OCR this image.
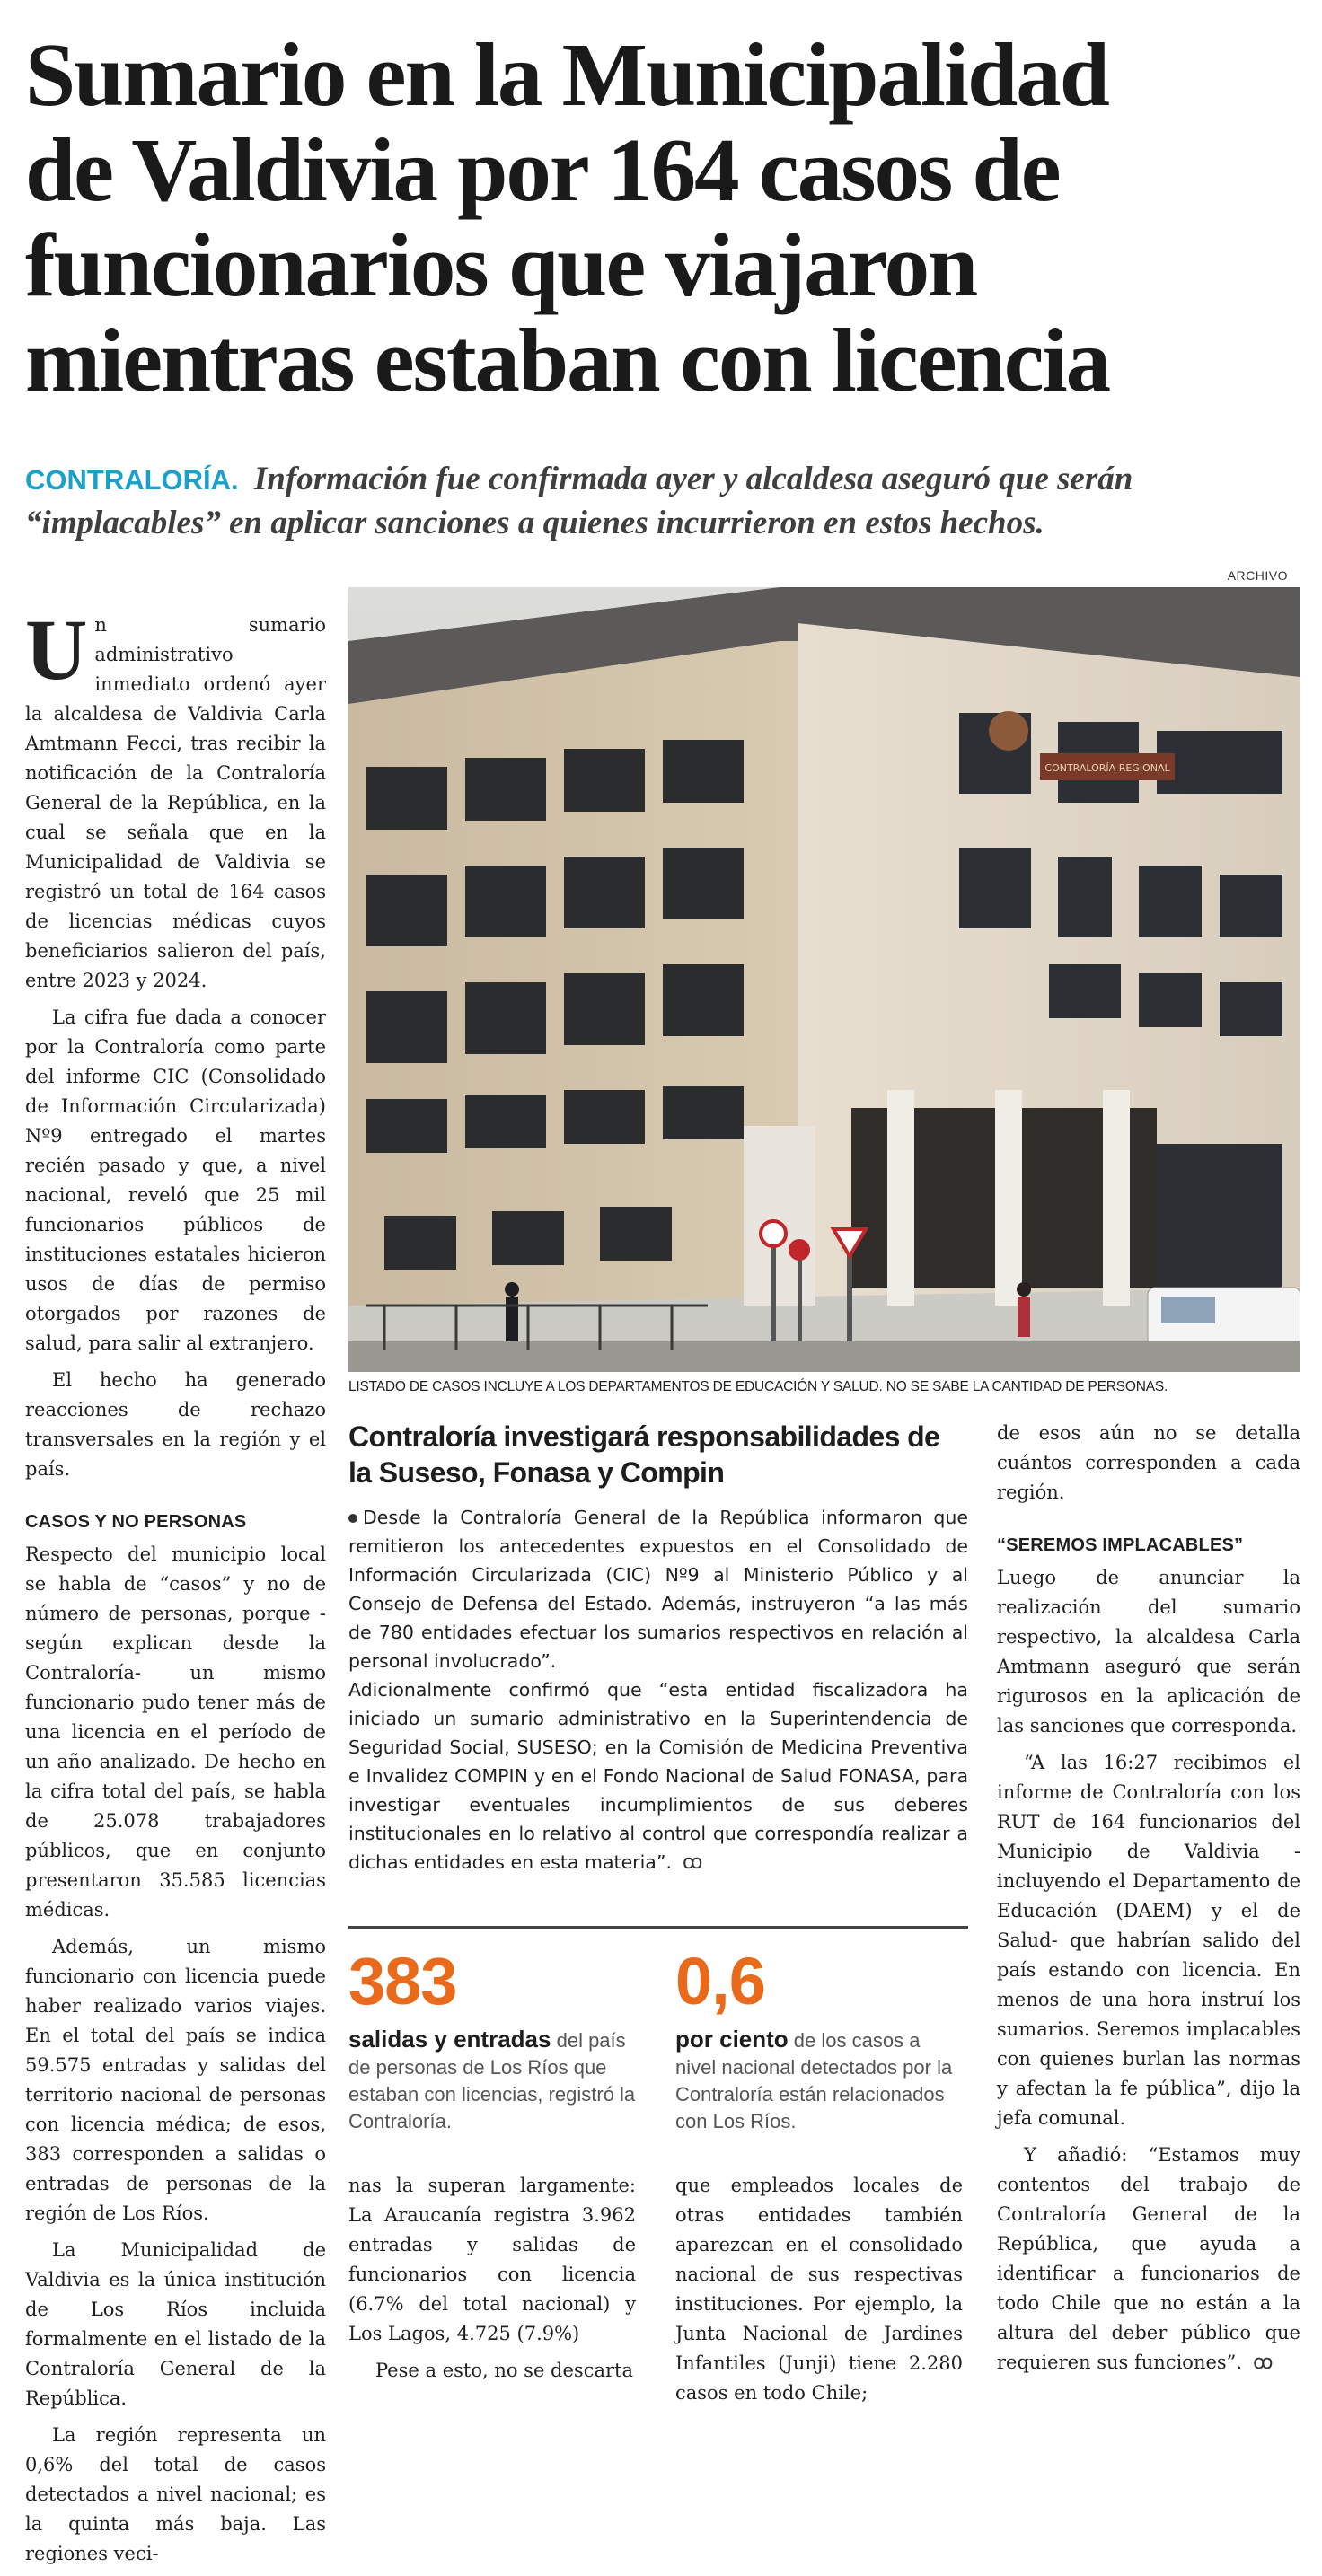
Sumario en la Municipalidad
de Valdivia por 164 casos de
funcionarios que viajaron
mientras estaban con licencia
CONTRALORÍA. Información fue confirmada ayer y alcaldesa aseguró que serán “implacables” en aplicar sanciones a quienes incurrieron en estos hechos.
ARCHIVO
CONTRALORÍA REGIONAL
LISTADO DE CASOS INCLUYE A LOS DEPARTAMENTOS DE EDUCACIÓN Y SALUD. NO SE SABE LA CANTIDAD DE PERSONAS.

Un sumario administrativo inmediato ordenó ayer la alcaldesa de Valdivia Carla Amtmann Fecci, tras recibir la notificación de la Contraloría General de la República, en la cual se señala que en la Municipalidad de Valdivia se registró un total de 164 casos de licencias médicas cuyos beneficiarios salieron del país, entre 2023 y 2024.

La cifra fue dada a conocer por la Contraloría como parte del informe CIC (Consolidado de Información Circularizada) Nº9 entregado el martes recién pasado y que, a nivel nacional, reveló que 25 mil funcionarios públicos de instituciones estatales hicieron usos de días de permiso otorgados por razones de salud, para salir al extranjero.

El hecho ha generado reacciones de rechazo transversales en la región y el país.

CASOS Y NO PERSONAS

Respecto del municipio local se habla de “casos” y no de número de personas, porque -según explican desde la Contraloría- un mismo funcionario pudo tener más de una licencia en el período de un año analizado. De hecho en la cifra total del país, se habla de 25.078 trabajadores públicos, que en conjunto presentaron 35.585 licencias médicas.

Además, un mismo funcionario con licencia puede haber realizado varios viajes. En el total del país se indica 59.575 entradas y salidas del territorio nacional de personas con licencia médica; de esos, 383 corresponden a salidas o entradas de personas de la región de Los Ríos.

La Municipalidad de Valdivia es la única institución de Los Ríos incluida formalmente en el listado de la Contraloría General de la República.

La región representa un 0,6% del total de casos detectados a nivel nacional; es la quinta más baja. Las regiones veci-

Contraloría investigará responsabilidades de la Suseso, Fonasa y Compin

Desde la Contraloría General de la República informaron que remitieron los antecedentes expuestos en el Consolidado de Información Circularizada (CIC) Nº9 al Ministerio Público y al Consejo de Defensa del Estado. Además, instruyeron “a las más de 780 entidades efectuar los sumarios respectivos en relación al personal involucrado”.

Adicionalmente confirmó que “esta entidad fiscalizadora ha iniciado un sumario administrativo en la Superintendencia de Seguridad Social, SUSESO; en la Comisión de Medicina Preventiva e Invalidez COMPIN y en el Fondo Nacional de Salud FONASA, para investigar eventuales incumplimientos de sus deberes institucionales en lo relativo al control que correspondía realizar a dichas entidades en esta materia”. ꝏ

383
salidas y entradas del país de personas de Los Ríos que estaban con licencias, registró la Contraloría.
0,6
por ciento de los casos a nivel nacional detectados por la Contraloría están relacionados con Los Ríos.

nas la superan largamente: La Araucanía registra 3.962 entradas y salidas de funcionarios con licencia (6.7% del total nacional) y Los Lagos, 4.725 (7.9%)

Pese a esto, no se descarta

que empleados locales de otras entidades también aparezcan en el consolidado nacional de sus respectivas instituciones. Por ejemplo, la Junta Nacional de Jardines Infantiles (Junji) tiene 2.280 casos en todo Chile;

de esos aún no se detalla cuántos corresponden a cada región.

“SEREMOS IMPLACABLES”

Luego de anunciar la realización del sumario respectivo, la alcaldesa Carla Amtmann aseguró que serán rigurosos en la aplicación de las sanciones que corresponda.

“A las 16:27 recibimos el informe de Contraloría con los RUT de 164 funcionarios del Municipio de Valdivia -incluyendo el Departamento de Educación (DAEM) y el de Salud- que habrían salido del país estando con licencia. En menos de una hora instruí los sumarios. Seremos implacables con quienes burlan las normas y afectan la fe pública”, dijo la jefa comunal.

Y añadió: “Estamos muy contentos del trabajo de Contraloría General de la República, que ayuda a identificar a funcionarios de todo Chile que no están a la altura del deber público que requieren sus funciones”. ꝏ
